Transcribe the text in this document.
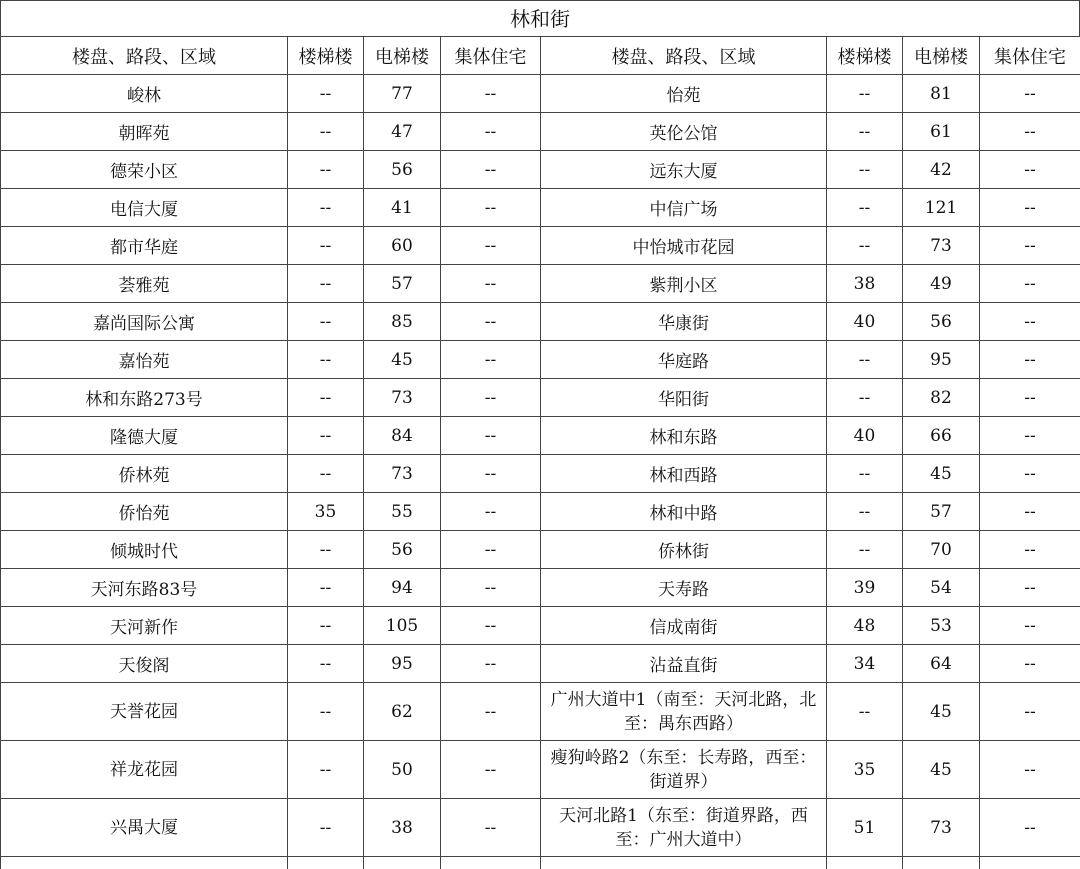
林和街
楼盘、路段、区域	楼梯楼	电梯楼	集体住宅	楼盘、路段、区域	楼梯楼	电梯楼	集体住宅
峻林	--	77	--	怡苑	--	81	--
朝晖苑	--	47	--	英伦公馆	--	61	--
德荣小区	--	56	--	远东大厦	--	42	--
电信大厦	--	41	--	中信广场	--	121	--
都市华庭	--	60	--	中怡城市花园	--	73	--
荟雅苑	--	57	--	紫荆小区	38	49	--
嘉尚国际公寓	--	85	--	华康街	40	56	--
嘉怡苑	--	45	--	华庭路	--	95	--
林和东路273号	--	73	--	华阳街	--	82	--
隆德大厦	--	84	--	林和东路	40	66	--
侨林苑	--	73	--	林和西路	--	45	--
侨怡苑	35	55	--	林和中路	--	57	--
倾城时代	--	56	--	侨林街	--	70	--
天河东路83号	--	94	--	天寿路	39	54	--
天河新作	--	105	--	信成南街	48	53	--
天俊阁	--	95	--	沾益直街	34	64	--
天誉花园	--	62	--	广州大道中1（南至：天河北路，北至：禺东西路）	--	45	--
祥龙花园	--	50	--	瘦狗岭路2（东至：长寿路，西至：街道界）	35	45	--
兴禺大厦	--	38	--	天河北路1（东至：街道界路，西至：广州大道中）	51	73	--
